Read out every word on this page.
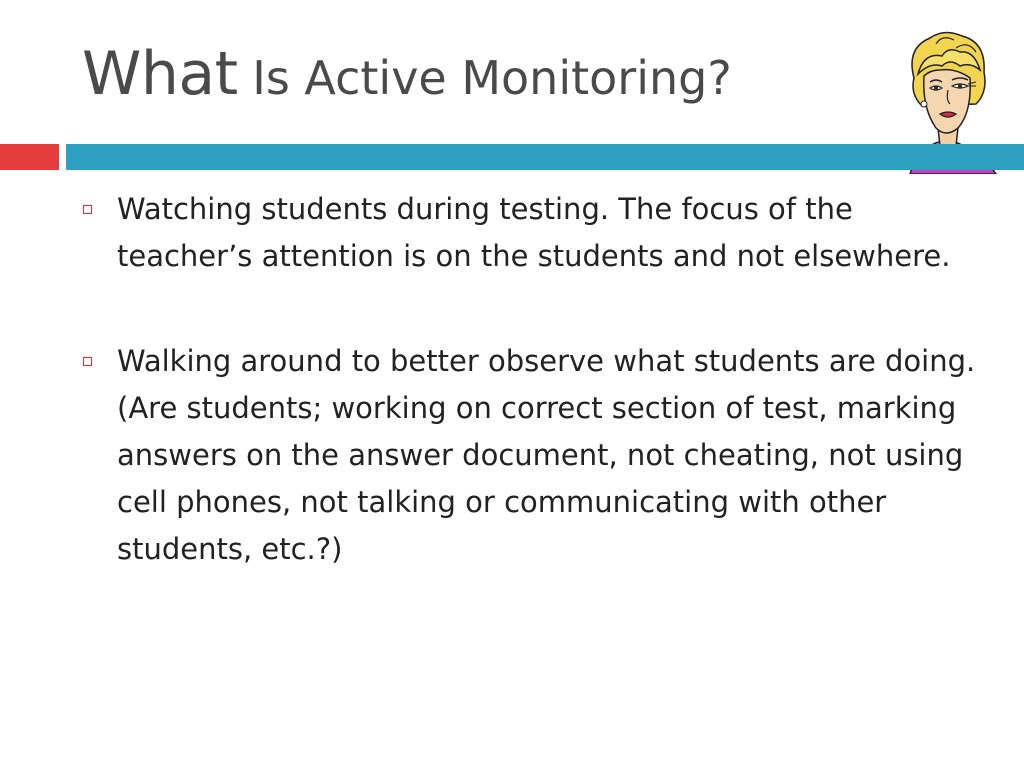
What Is Active Monitoring?
Watching students during testing. The focus of the teacher’s attention is on the students and not elsewhere.
Walking around to better observe what students are doing. (Are students; working on correct section of test, marking answers on the answer document, not cheating, not using cell phones, not talking or communicating with other students, etc.?)
